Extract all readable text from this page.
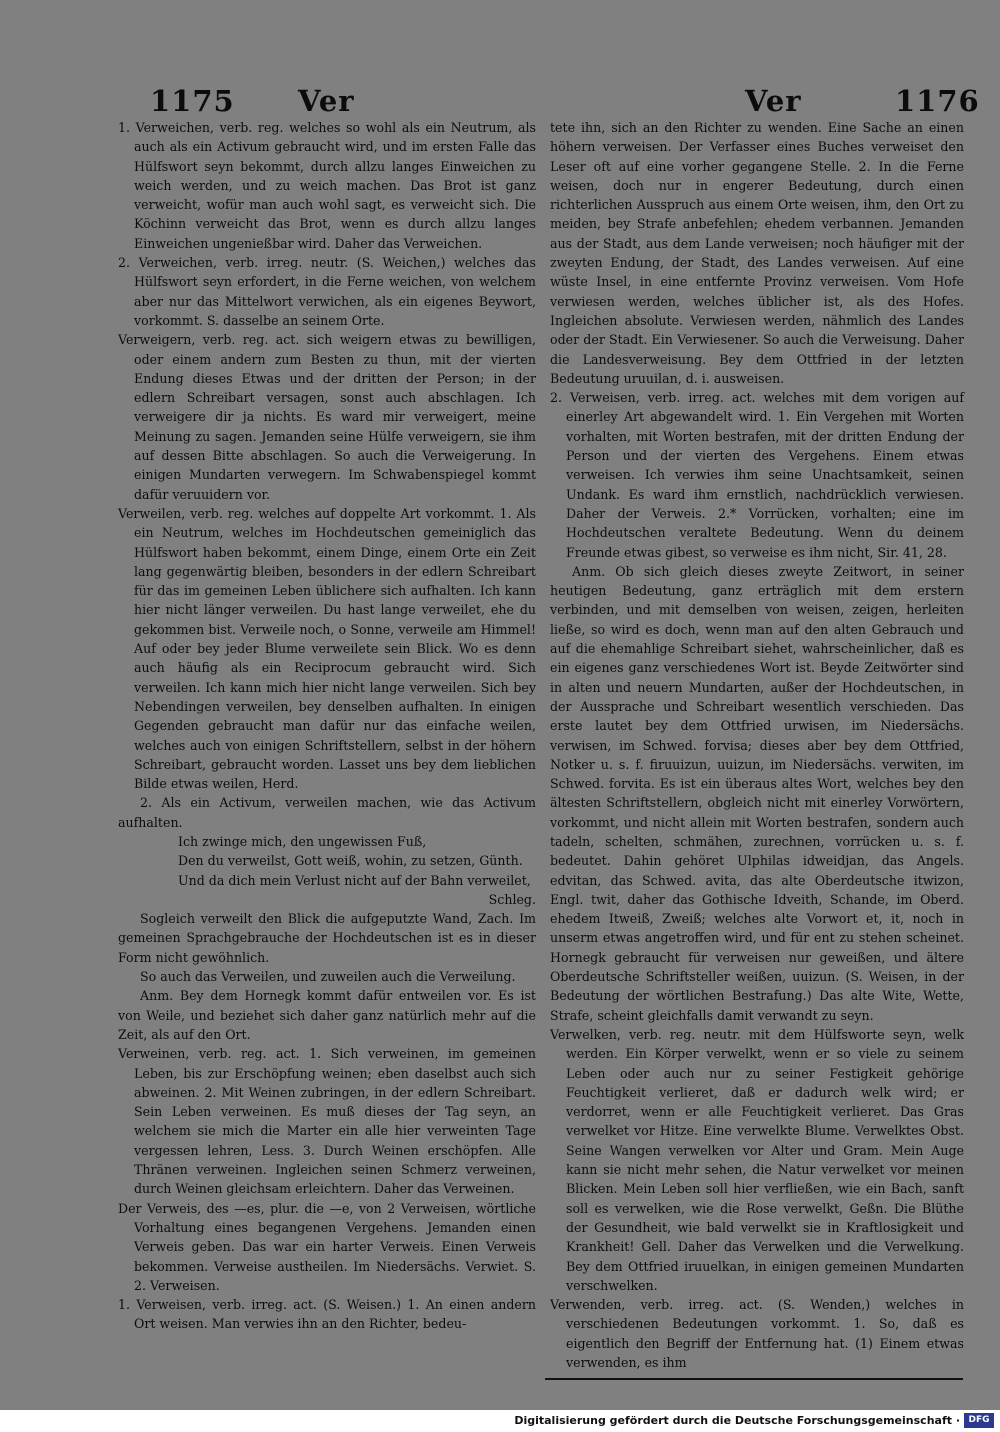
1175 Ver	Ver	1176

1. Verweichen, verb. reg. welches so wohl als ein Neutrum, als auch als ein Activum gebraucht wird, und im ersten Falle das Hülfswort seyn bekommt, durch allzu langes Einweichen zu weich werden, und zu weich machen. Das Brot ist ganz verweicht, wofür man auch wohl sagt, es verweicht sich. Die Köchinn verweicht das Brot, wenn es durch allzu langes Einweichen ungenießbar wird. Daher das Verweichen.

2. Verweichen, verb. irreg. neutr. (S. Weichen,) welches das Hülfswort seyn erfordert, in die Ferne weichen, von welchem aber nur das Mittelwort verwichen, als ein eigenes Beywort, vorkommt. S. dasselbe an seinem Orte.

Verweigern, verb. reg. act. sich weigern etwas zu bewilligen, oder einem andern zum Besten zu thun, mit der vierten Endung dieses Etwas und der dritten der Person; in der edlern Schreibart versagen, sonst auch abschlagen. Ich verweigere dir ja nichts. Es ward mir verweigert, meine Meinung zu sagen. Jemanden seine Hülfe verweigern, sie ihm auf dessen Bitte abschlagen. So auch die Verweigerung. In einigen Mundarten verwegern. Im Schwabenspiegel kommt dafür veruuidern vor.

Verweilen, verb. reg. welches auf doppelte Art vorkommt. 1. Als ein Neutrum, welches im Hochdeutschen gemeiniglich das Hülfswort haben bekommt, einem Dinge, einem Orte ein Zeit lang gegenwärtig bleiben, besonders in der edlern Schreibart für das im gemeinen Leben üblichere sich aufhalten. Ich kann hier nicht länger verweilen. Du hast lange verweilet, ehe du gekommen bist. Verweile noch, o Sonne, verweile am Himmel! Auf oder bey jeder Blume verweilete sein Blick. Wo es denn auch häufig als ein Reciprocum gebraucht wird. Sich verweilen. Ich kann mich hier nicht lange verweilen. Sich bey Nebendingen verweilen, bey denselben aufhalten. In einigen Gegenden gebraucht man dafür nur das einfache weilen, welches auch von einigen Schriftstellern, selbst in der höhern Schreibart, gebraucht worden. Lasset uns bey dem lieblichen Bilde etwas weilen, Herd.

2. Als ein Activum, verweilen machen, wie das Activum aufhalten.

Ich zwinge mich, den ungewissen Fuß,

Den du verweilst, Gott weiß, wohin, zu setzen, Günth.

Und da dich mein Verlust nicht auf der Bahn verweilet,

Schleg.

Sogleich verweilt den Blick die aufgeputzte Wand, Zach. Im gemeinen Sprachgebrauche der Hochdeutschen ist es in dieser Form nicht gewöhnlich.

So auch das Verweilen, und zuweilen auch die Verweilung.

Anm. Bey dem Hornegk kommt dafür entweilen vor. Es ist von Weile, und beziehet sich daher ganz natürlich mehr auf die Zeit, als auf den Ort.

Verweinen, verb. reg. act. 1. Sich verweinen, im gemeinen Leben, bis zur Erschöpfung weinen; eben daselbst auch sich abweinen. 2. Mit Weinen zubringen, in der edlern Schreibart. Sein Leben verweinen. Es muß dieses der Tag seyn, an welchem sie mich die Marter ein alle hier verweinten Tage vergessen lehren, Less. 3. Durch Weinen erschöpfen. Alle Thränen verweinen. Ingleichen seinen Schmerz verweinen, durch Weinen gleichsam erleichtern. Daher das Verweinen.

Der Verweis, des —es, plur. die —e, von 2 Verweisen, wörtliche Vorhaltung eines begangenen Vergehens. Jemanden einen Verweis geben. Das war ein harter Verweis. Einen Verweis bekommen. Verweise austheilen. Im Niedersächs. Verwiet. S. 2. Verweisen.

1. Verweisen, verb. irreg. act. (S. Weisen.) 1. An einen andern Ort weisen. Man verwies ihn an den Richter, bedeu-

tete ihn, sich an den Richter zu wenden. Eine Sache an einen höhern verweisen. Der Verfasser eines Buches verweiset den Leser oft auf eine vorher gegangene Stelle. 2. In die Ferne weisen, doch nur in engerer Bedeutung, durch einen richterlichen Ausspruch aus einem Orte weisen, ihm, den Ort zu meiden, bey Strafe anbefehlen; ehedem verbannen. Jemanden aus der Stadt, aus dem Lande verweisen; noch häufiger mit der zweyten Endung, der Stadt, des Landes verweisen. Auf eine wüste Insel, in eine entfernte Provinz verweisen. Vom Hofe verwiesen werden, welches üblicher ist, als des Hofes. Ingleichen absolute. Verwiesen werden, nähmlich des Landes oder der Stadt. Ein Verwiesener. So auch die Verweisung. Daher die Landesverweisung. Bey dem Ottfried in der letzten Bedeutung uruuilan, d. i. ausweisen.

2. Verweisen, verb. irreg. act. welches mit dem vorigen auf einerley Art abgewandelt wird. 1. Ein Vergehen mit Worten vorhalten, mit Worten bestrafen, mit der dritten Endung der Person und der vierten des Vergehens. Einem etwas verweisen. Ich verwies ihm seine Unachtsamkeit, seinen Undank. Es ward ihm ernstlich, nachdrücklich verwiesen. Daher der Verweis. 2.* Vorrücken, vorhalten; eine im Hochdeutschen veraltete Bedeutung. Wenn du deinem Freunde etwas gibest, so verweise es ihm nicht, Sir. 41, 28.

Anm. Ob sich gleich dieses zweyte Zeitwort, in seiner heutigen Bedeutung, ganz erträglich mit dem erstern verbinden, und mit demselben von weisen, zeigen, herleiten ließe, so wird es doch, wenn man auf den alten Gebrauch und auf die ehemahlige Schreibart siehet, wahrscheinlicher, daß es ein eigenes ganz verschiedenes Wort ist. Beyde Zeitwörter sind in alten und neuern Mundarten, außer der Hochdeutschen, in der Aussprache und Schreibart wesentlich verschieden. Das erste lautet bey dem Ottfried urwisen, im Niedersächs. verwisen, im Schwed. forvisa; dieses aber bey dem Ottfried, Notker u. s. f. firuuizun, uuizun, im Niedersächs. verwiten, im Schwed. forvita. Es ist ein überaus altes Wort, welches bey den ältesten Schriftstellern, obgleich nicht mit einerley Vorwörtern, vorkommt, und nicht allein mit Worten bestrafen, sondern auch tadeln, schelten, schmähen, zurechnen, vorrücken u. s. f. bedeutet. Dahin gehöret Ulphilas idweidjan, das Angels. edvitan, das Schwed. avita, das alte Oberdeutsche itwizon, Engl. twit, daher das Gothische Idveith, Schande, im Oberd. ehedem Itweiß, Zweiß; welches alte Vorwort et, it, noch in unserm etwas angetroffen wird, und für ent zu stehen scheinet. Hornegk gebraucht für verweisen nur geweißen, und ältere Oberdeutsche Schriftsteller weißen, uuizun. (S. Weisen, in der Bedeutung der wörtlichen Bestrafung.) Das alte Wite, Wette, Strafe, scheint gleichfalls damit verwandt zu seyn.

Verwelken, verb. reg. neutr. mit dem Hülfsworte seyn, welk werden. Ein Körper verwelkt, wenn er so viele zu seinem Leben oder auch nur zu seiner Festigkeit gehörige Feuchtigkeit verlieret, daß er dadurch welk wird; er verdorret, wenn er alle Feuchtigkeit verlieret. Das Gras verwelket vor Hitze. Eine verwelkte Blume. Verwelktes Obst. Seine Wangen verwelken vor Alter und Gram. Mein Auge kann sie nicht mehr sehen, die Natur verwelket vor meinen Blicken. Mein Leben soll hier verfließen, wie ein Bach, sanft soll es verwelken, wie die Rose verwelkt, Geßn. Die Blüthe der Gesundheit, wie bald verwelkt sie in Kraftlosigkeit und Krankheit! Gell. Daher das Verwelken und die Verwelkung. Bey dem Ottfried iruuelkan, in einigen gemeinen Mundarten verschwelken.

Verwenden, verb. irreg. act. (S. Wenden,) welches in verschiedenen Bedeutungen vorkommt. 1. So, daß es eigentlich den Begriff der Entfernung hat. (1) Einem etwas verwenden, es ihm

Digitalisierung gefördert durch die Deutsche Forschungsgemeinschaft · DFG
